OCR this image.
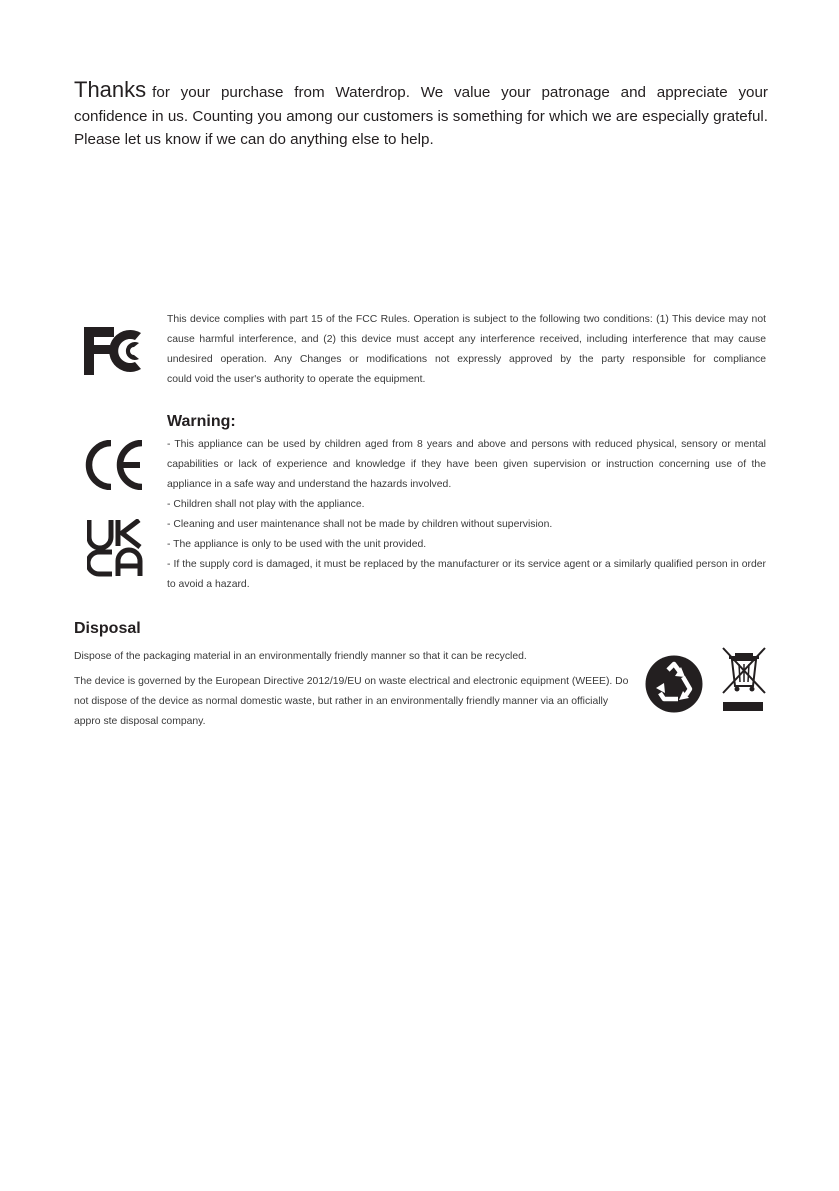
Thanks for your purchase from Waterdrop. We value your patronage and appreciate your confidence in us. Counting you among our customers is something for which we are especially grateful. Please let us know if we can do anything else to help.

This device complies with part 15 of the FCC Rules. Operation is subject to the following two conditions: (1) This device may not cause harmful interference, and (2) this device must accept any interference received, including interference that may cause undesired operation. Any Changes or modifications not expressly approved by the party responsible for compliance
could void the user's authority to operate the equipment.
Warning:
- This appliance can be used by children aged from 8 years and above and persons with reduced physical, sensory or mental capabilities or lack of experience and knowledge if they have been given supervision or instruction concerning use of the appliance in a safe way and understand the hazards involved.
- Children shall not play with the appliance.
- Cleaning and user maintenance shall not be made by children without supervision.
- The appliance is only to be used with the unit provided.
- If the supply cord is damaged, it must be replaced by the manufacturer or its service agent or a similarly qualified person in order to avoid a hazard.
Disposal

Dispose of the packaging material in an environmentally friendly manner so that it can be recycled.

The device is governed by the European Directive 2012/19/EU on waste electrical and electronic equipment (WEEE). Do not dispose of the device as normal domestic waste, but rather in an environmentally friendly manner via an officially appro ste disposal company.
